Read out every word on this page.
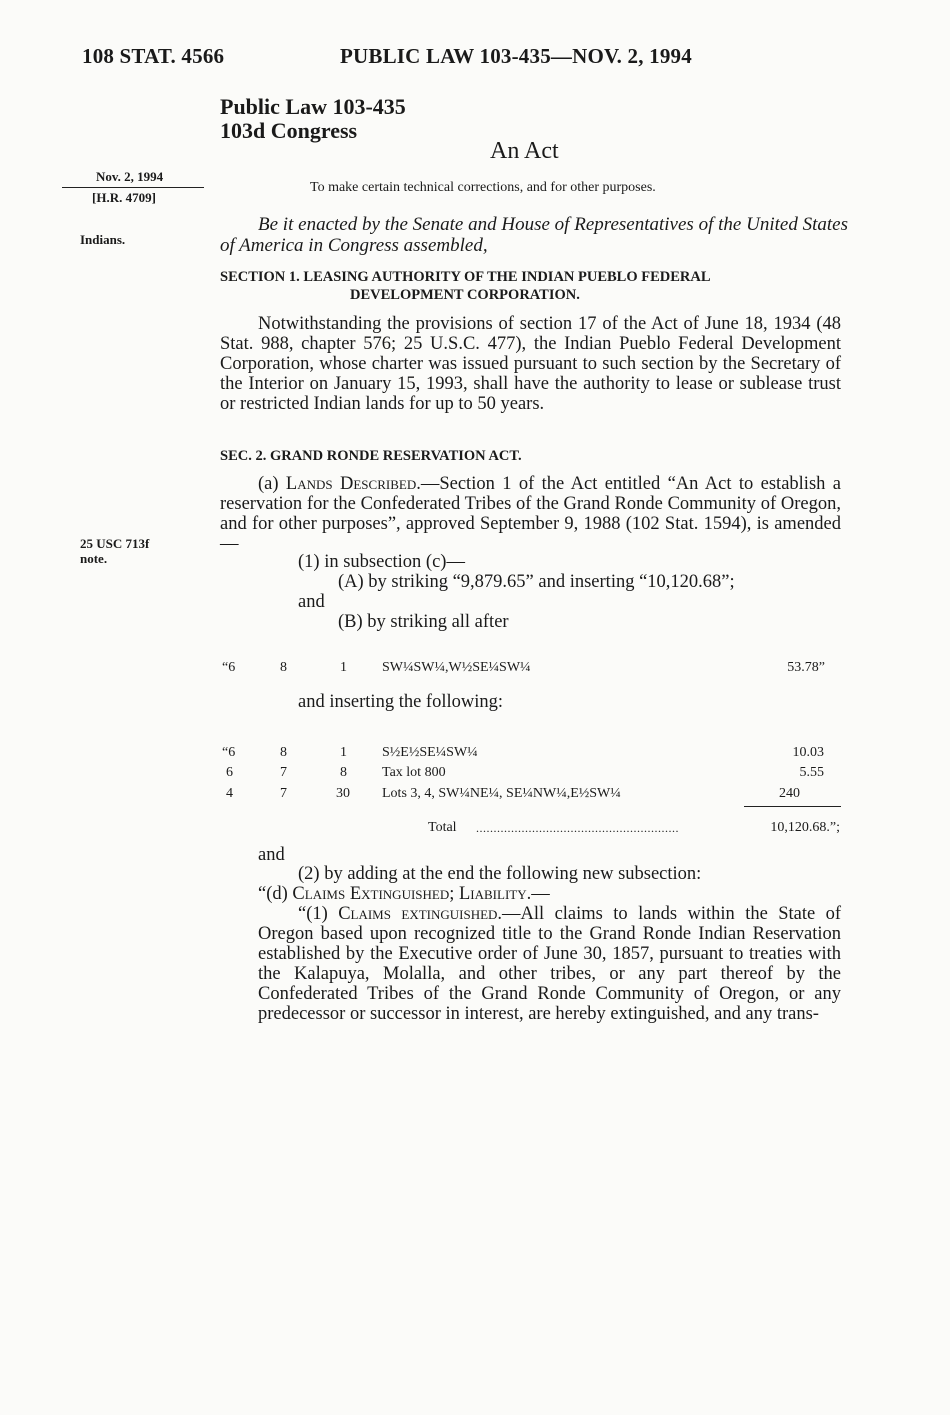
108 STAT. 4566	PUBLIC LAW 103-435—NOV. 2, 1994
Public Law 103-435
103d Congress
An Act
Nov. 2, 1994
[H.R. 4709]
Indians.
25 USC 713f
note.
To make certain technical corrections, and for other purposes.
Be it enacted by the Senate and House of Representatives of the United States of America in Congress assembled,
SECTION 1. LEASING AUTHORITY OF THE INDIAN PUEBLO FEDERAL
DEVELOPMENT CORPORATION.
Notwithstanding the provisions of section 17 of the Act of June 18, 1934 (48 Stat. 988, chapter 576; 25 U.S.C. 477), the Indian Pueblo Federal Development Corporation, whose charter was issued pursuant to such section by the Secretary of the Interior on January 15, 1993, shall have the authority to lease or sublease trust or restricted Indian lands for up to 50 years.
SEC. 2. GRAND RONDE RESERVATION ACT.
(a) Lands Described.—Section 1 of the Act entitled “An Act to establish a reservation for the Confederated Tribes of the Grand Ronde Community of Oregon, and for other purposes”, approved September 9, 1988 (102 Stat. 1594), is amended—
(1) in subsection (c)—
(A) by striking “9,879.65” and inserting “10,120.68”;
and
(B) by striking all after
“6	8	1	SW¼SW¼,W½SE¼SW¼	53.78”
and inserting the following:
“6	8	1	S½E½SE¼SW¼	10.03
6	7	8	Tax lot 800	5.55
4	7	30 Lots 3, 4, SW¼NE¼, SE¼NW¼,E½SW¼	240
Total ..........................................................	10,120.68.”;
and
(2) by adding at the end the following new subsection:
“(d) Claims Extinguished; Liability.—
“(1) Claims extinguished.—All claims to lands within the State of Oregon based upon recognized title to the Grand Ronde Indian Reservation established by the Executive order of June 30, 1857, pursuant to treaties with the Kalapuya, Molalla, and other tribes, or any part thereof by the Confederated Tribes of the Grand Ronde Community of Oregon, or any predecessor or successor in interest, are hereby extinguished, and any trans-
